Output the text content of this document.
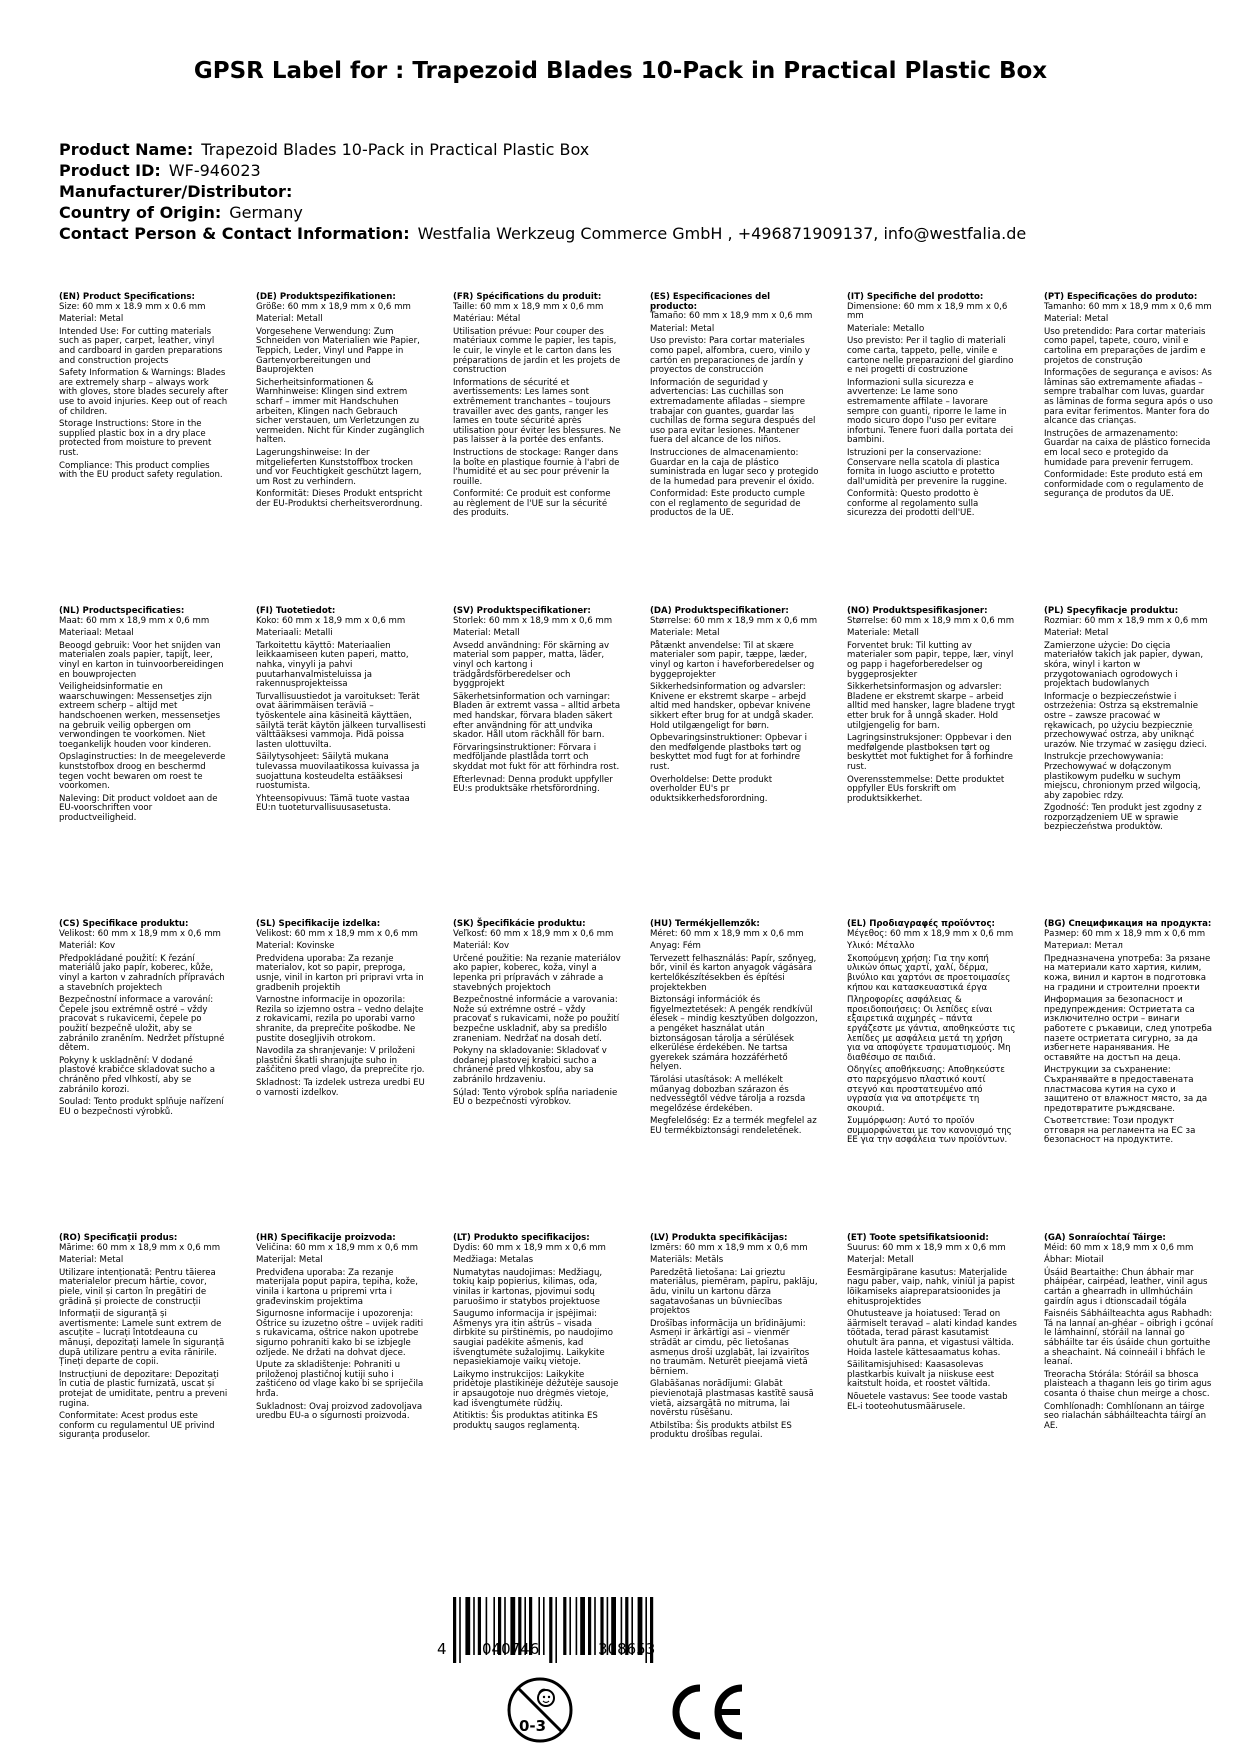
GPSR Label for : Trapezoid Blades 10-Pack in Practical Plastic Box
Product Name: Trapezoid Blades 10-Pack in Practical Plastic Box
Product ID: WF-946023
Manufacturer/Distributor:
Country of Origin: Germany
Contact Person & Contact Information: Westfalia Werkzeug Commerce GmbH , +496871909137, info@westfalia.de
(EN) Product Specifications:

Size: 60 mm x 18.9 mm x 0.6 mm

Material: Metal

Intended Use: For cutting materials such as paper, carpet, leather, vinyl and cardboard in garden preparations and construction projects

Safety Information & Warnings: Blades are extremely sharp – always work with gloves, store blades securely after use to avoid injuries. Keep out of reach of children.

Storage Instructions: Store in the supplied plastic box in a dry place protected from moisture to prevent rust.

Compliance: This product complies with the EU product safety regulation.

(DE) Produktspezifikationen:

Größe: 60 mm x 18,9 mm x 0,6 mm

Material: Metall

Vorgesehene Verwendung: Zum Schneiden von Materialien wie Papier, Teppich, Leder, Vinyl und Pappe in Gartenvorbereitungen und Bauprojekten

Sicherheitsinformationen & Warnhinweise: Klingen sind extrem scharf – immer mit Handschuhen arbeiten, Klingen nach Gebrauch sicher verstauen, um Verletzungen zu vermeiden. Nicht für Kinder zugänglich halten.

Lagerungshinweise: In der mitgelieferten Kunststoffbox trocken und vor Feuchtigkeit geschützt lagern, um Rost zu verhindern.

Konformität: Dieses Produkt entspricht der EU-Produktsi cherheitsverordnung.

(FR) Spécifications du produit:

Taille: 60 mm x 18,9 mm x 0,6 mm

Matériau: Métal

Utilisation prévue: Pour couper des matériaux comme le papier, les tapis, le cuir, le vinyle et le carton dans les préparations de jardin et les projets de construction

Informations de sécurité et avertissements: Les lames sont extrêmement tranchantes – toujours travailler avec des gants, ranger les lames en toute sécurité après utilisation pour éviter les blessures. Ne pas laisser à la portée des enfants.

Instructions de stockage: Ranger dans la boîte en plastique fournie à l'abri de l'humidité et au sec pour prévenir la rouille.

Conformité: Ce produit est conforme au règlement de l'UE sur la sécurité des produits.

(ES) Especificaciones del producto:

Tamaño: 60 mm x 18,9 mm x 0,6 mm

Material: Metal

Uso previsto: Para cortar materiales como papel, alfombra, cuero, vinilo y cartón en preparaciones de jardín y proyectos de construcción

Información de seguridad y advertencias: Las cuchillas son extremadamente afiladas – siempre trabajar con guantes, guardar las cuchillas de forma segura después del uso para evitar lesiones. Mantener fuera del alcance de los niños.

Instrucciones de almacenamiento: Guardar en la caja de plástico suministrada en lugar seco y protegido de la humedad para prevenir el óxido.

Conformidad: Este producto cumple con el reglamento de seguridad de productos de la UE.

(IT) Specifiche del prodotto:

Dimensione: 60 mm x 18,9 mm x 0,6 mm

Materiale: Metallo

Uso previsto: Per il taglio di materiali come carta, tappeto, pelle, vinile e cartone nelle preparazioni del giardino e nei progetti di costruzione

Informazioni sulla sicurezza e avvertenze: Le lame sono estremamente affilate – lavorare sempre con guanti, riporre le lame in modo sicuro dopo l'uso per evitare infortuni. Tenere fuori dalla portata dei bambini.

Istruzioni per la conservazione: Conservare nella scatola di plastica fornita in luogo asciutto e protetto dall'umidità per prevenire la ruggine.

Conformità: Questo prodotto è conforme al regolamento sulla sicurezza dei prodotti dell'UE.

(PT) Especificações do produto:

Tamanho: 60 mm x 18,9 mm x 0,6 mm

Material: Metal

Uso pretendido: Para cortar materiais como papel, tapete, couro, vinil e cartolina em preparações de jardim e projetos de construção

Informações de segurança e avisos: As lâminas são extremamente afiadas – sempre trabalhar com luvas, guardar as lâminas de forma segura após o uso para evitar ferimentos. Manter fora do alcance das crianças.

Instruções de armazenamento: Guardar na caixa de plástico fornecida em local seco e protegido da humidade para prevenir ferrugem.

Conformidade: Este produto está em conformidade com o regulamento de segurança de produtos da UE.

(NL) Productspecificaties:

Maat: 60 mm x 18,9 mm x 0,6 mm

Materiaal: Metaal

Beoogd gebruik: Voor het snijden van materialen zoals papier, tapijt, leer, vinyl en karton in tuinvoorbereidingen en bouwprojecten

Veiligheidsinformatie en waarschuwingen: Messensetjes zijn extreem scherp – altijd met handschoenen werken, messensetjes na gebruik veilig opbergen om verwondingen te voorkomen. Niet toegankelijk houden voor kinderen.

Opslaginstructies: In de meegeleverde kunststofbox droog en beschermd tegen vocht bewaren om roest te voorkomen.

Naleving: Dit product voldoet aan de EU-voorschriften voor productveiligheid.

(FI) Tuotetiedot:

Koko: 60 mm x 18,9 mm x 0,6 mm

Materiaali: Metalli

Tarkoitettu käyttö: Materiaalien leikkaamiseen kuten paperi, matto, nahka, vinyyli ja pahvi puutarhanvalmisteluissa ja rakennusprojekteissa

Turvallisuustiedot ja varoitukset: Terät ovat äärimmäisen teräviä – työskentele aina käsineitä käyttäen, säilytä terät käytön jälkeen turvallisesti välttääksesi vammoja. Pidä poissa lasten ulottuvilta.

Säilytysohjeet: Säilytä mukana tulevassa muovilaatikossa kuivassa ja suojattuna kosteudelta estääksesi ruostumista.

Yhteensopivuus: Tämä tuote vastaa EU:n tuoteturvallisuusasetusta.

(SV) Produktspecifikationer:

Storlek: 60 mm x 18,9 mm x 0,6 mm

Material: Metall

Avsedd användning: För skärning av material som papper, matta, läder, vinyl och kartong i trädgårdsförberedelser och byggprojekt

Säkerhetsinformation och varningar: Bladen är extremt vassa – alltid arbeta med handskar, förvara bladen säkert efter användning för att undvika skador. Håll utom räckhåll för barn.

Förvaringsinstruktioner: Förvara i medföljande plastlåda torrt och skyddat mot fukt för att förhindra rost.

Efterlevnad: Denna produkt uppfyller EU:s produktsäke rhetsförordning.

(DA) Produktspecifikationer:

Størrelse: 60 mm x 18,9 mm x 0,6 mm

Materiale: Metal

Påtænkt anvendelse: Til at skære materialer som papir, tæppe, læder, vinyl og karton i haveforberedelser og byggeprojekter

Sikkerhedsinformation og advarsler: Knivene er ekstremt skarpe – arbejd altid med handsker, opbevar knivene sikkert efter brug for at undgå skader. Hold utilgængeligt for børn.

Opbevaringsinstruktioner: Opbevar i den medfølgende plastboks tørt og beskyttet mod fugt for at forhindre rust.

Overholdelse: Dette produkt overholder EU's pr oduktsikkerhedsforordning.

(NO) Produktspesifikasjoner:

Størrelse: 60 mm x 18,9 mm x 0,6 mm

Materiale: Metall

Forventet bruk: Til kutting av materialer som papir, teppe, lær, vinyl og papp i hageforberedelser og byggeprosjekter

Sikkerhetsinformasjon og advarsler: Bladene er ekstremt skarpe – arbeid alltid med hansker, lagre bladene trygt etter bruk for å unngå skader. Hold utilgjengelig for barn.

Lagringsinstruksjoner: Oppbevar i den medfølgende plastboksen tørt og beskyttet mot fuktighet for å forhindre rust.

Overensstemmelse: Dette produktet oppfyller EUs forskrift om produktsikkerhet.

(PL) Specyfikacje produktu:

Rozmiar: 60 mm x 18,9 mm x 0,6 mm

Materiał: Metal

Zamierzone użycie: Do cięcia materiałów takich jak papier, dywan, skóra, winyl i karton w przygotowaniach ogrodowych i projektach budowlanych

Informacje o bezpieczeństwie i ostrzeżenia: Ostrza są ekstremalnie ostre – zawsze pracować w rękawicach, po użyciu bezpiecznie przechowywać ostrza, aby uniknąć urazów. Nie trzymać w zasięgu dzieci.

Instrukcje przechowywania: Przechowywać w dołączonym plastikowym pudełku w suchym miejscu, chronionym przed wilgocią, aby zapobiec rdzy.

Zgodność: Ten produkt jest zgodny z rozporządzeniem UE w sprawie bezpieczeństwa produktów.

(CS) Specifikace produktu:

Velikost: 60 mm x 18,9 mm x 0,6 mm

Materiál: Kov

Předpokládané použití: K řezání materiálů jako papír, koberec, kůže, vinyl a karton v zahradních přípravách a stavebních projektech

Bezpečnostní informace a varování: Čepele jsou extrémně ostré – vždy pracovat s rukavicemi, čepele po použití bezpečně uložit, aby se zabránilo zraněním. Nedržet přístupné dětem.

Pokyny k uskladnění: V dodané plastové krabičce skladovat sucho a chráněno před vlhkostí, aby se zabránilo korozi.

Soulad: Tento produkt splňuje nařízení EU o bezpečnosti výrobků.

(SL) Specifikacije izdelka:

Velikost: 60 mm x 18,9 mm x 0,6 mm

Material: Kovinske

Predvidena uporaba: Za rezanje materialov, kot so papir, preproga, usnje, vinil in karton pri pripravi vrta in gradbenih projektih

Varnostne informacije in opozorila: Rezila so izjemno ostra – vedno delajte z rokavicami, rezila po uporabi varno shranite, da preprečite poškodbe. Ne pustite dosegljivih otrokom.

Navodila za shranjevanje: V priloženi plastični škatli shranjujte suho in zaščiteno pred vlago, da preprečite rjo.

Skladnost: Ta izdelek ustreza uredbi EU o varnosti izdelkov.

(SK) Špecifikácie produktu:

Veľkosť: 60 mm x 18,9 mm x 0,6 mm

Materiál: Kov

Určené použitie: Na rezanie materiálov ako papier, koberec, koža, vinyl a lepenka pri prípravách v záhrade a stavebných projektoch

Bezpečnostné informácie a varovania: Nože sú extrémne ostré – vždy pracovať s rukavicami, nože po použití bezpečne uskladniť, aby sa predišlo zraneniam. Nedržať na dosah detí.

Pokyny na skladovanie: Skladovať v dodanej plastovej krabici sucho a chránené pred vlhkosťou, aby sa zabránilo hrdzaveniu.

Súlad: Tento výrobok spĺňa nariadenie EÚ o bezpečnosti výrobkov.

(HU) Termékjellemzők:

Méret: 60 mm x 18,9 mm x 0,6 mm

Anyag: Fém

Tervezett felhasználás: Papír, szőnyeg, bőr, vinil és karton anyagok vágására kertelőkészítésekben és építési projektekben

Biztonsági információk és figyelmeztetések: A pengék rendkívül élesek – mindig kesztyűben dolgozzon, a pengéket használat után biztonságosan tárolja a sérülések elkerülése érdekében. Ne tartsa gyerekek számára hozzáférhető helyen.

Tárolási utasítások: A mellékelt műanyag dobozban szárazon és nedvességtől védve tárolja a rozsda megelőzése érdekében.

Megfelelőség: Ez a termék megfelel az EU termékbiztonsági rendeletének.

(EL) Προδιαγραφές προϊόντος:

Μέγεθος: 60 mm x 18,9 mm x 0,6 mm

Υλικό: Μέταλλο

Σκοπούμενη χρήση: Για την κοπή υλικών όπως χαρτί, χαλί, δέρμα, βινύλιο και χαρτόνι σε προετοιμασίες κήπου και κατασκευαστικά έργα

Πληροφορίες ασφάλειας & προειδοποιήσεις: Οι λεπίδες είναι εξαιρετικά αιχμηρές – πάντα εργάζεστε με γάντια, αποθηκεύστε τις λεπίδες με ασφάλεια μετά τη χρήση για να αποφύγετε τραυματισμούς. Μη διαθέσιμο σε παιδιά.

Οδηγίες αποθήκευσης: Αποθηκεύστε στο παρεχόμενο πλαστικό κουτί στεγνό και προστατευμένο από υγρασία για να αποτρέψετε τη σκουριά.

Συμμόρφωση: Αυτό το προϊόν συμμορφώνεται με τον κανονισμό της ΕΕ για την ασφάλεια των προϊόντων.

(BG) Спецификация на продукта:

Размер: 60 mm x 18,9 mm x 0,6 mm

Материал: Метал

Предназначена употреба: За рязане на материали като хартия, килим, кожа, винил и картон в подготовка на градини и строителни проекти

Информация за безопасност и предупреждения: Остриетата са изключително остри – винаги работете с ръкавици, след употреба пазете остриетата сигурно, за да избегнете наранявания. Не оставяйте на достъп на деца.

Инструкции за съхранение: Съхранявайте в предоставената пластмасова кутия на сухо и защитено от влажност място, за да предотвратите ръждясване.

Съответствие: Този продукт отговаря на регламента на ЕС за безопасност на продуктите.

(RO) Specificații produs:

Mărime: 60 mm x 18,9 mm x 0,6 mm

Material: Metal

Utilizare intenționată: Pentru tăierea materialelor precum hârtie, covor, piele, vinil și carton în pregătiri de grădină și proiecte de construcții

Informații de siguranță și avertismente: Lamele sunt extrem de ascuțite – lucrați întotdeauna cu mănuși, depozitați lamele în siguranță după utilizare pentru a evita rănirile. Țineți departe de copii.

Instrucțiuni de depozitare: Depozitați în cutia de plastic furnizată, uscat și protejat de umiditate, pentru a preveni rugina.

Conformitate: Acest produs este conform cu regulamentul UE privind siguranța produselor.

(HR) Specifikacije proizvoda:

Veličina: 60 mm x 18,9 mm x 0,6 mm

Materijal: Metal

Predviđena uporaba: Za rezanje materijala poput papira, tepiha, kože, vinila i kartona u pripremi vrta i građevinskim projektima

Sigurnosne informacije i upozorenja: Oštrice su izuzetno oštre – uvijek raditi s rukavicama, oštrice nakon upotrebe sigurno pohraniti kako bi se izbjegle ozljede. Ne držati na dohvat djece.

Upute za skladištenje: Pohraniti u priloženoj plastičnoj kutiji suho i zaštićeno od vlage kako bi se spriječila hrđa.

Sukladnost: Ovaj proizvod zadovoljava uredbu EU-a o sigurnosti proizvoda.

(LT) Produkto specifikacijos:

Dydis: 60 mm x 18,9 mm x 0,6 mm

Medžiaga: Metalas

Numatytas naudojimas: Medžiagų, tokių kaip popierius, kilimas, oda, vinilas ir kartonas, pjovimui sodų paruošimo ir statybos projektuose

Saugumo informacija ir įspėjimai: Ašmenys yra itin aštrūs – visada dirbkite su pirštinėmis, po naudojimo saugiai padėkite ašmenis, kad išvengtumėte sužalojimų. Laikykite nepasiekiamoje vaikų vietoje.

Laikymo instrukcijos: Laikykite pridėtoje plastikinėje dėžutėje sausoje ir apsaugotoje nuo drėgmės vietoje, kad išvengtumėte rūdžių.

Atitiktis: Šis produktas atitinka ES produktų saugos reglamentą.

(LV) Produkta specifikācijas:

Izmērs: 60 mm x 18,9 mm x 0,6 mm

Materiāls: Metāls

Paredzētā lietošana: Lai grieztu materiālus, piemēram, papīru, paklāju, ādu, vinilu un kartonu dārza sagatavošanas un būvniecības projektos

Drošības informācija un brīdinājumi: Asmeņi ir ārkārtīgi asi – vienmēr strādāt ar cimdu, pēc lietošanas asmeņus droši uzglabāt, lai izvairītos no traumām. Neturēt pieejamā vietā bērniem.

Glabāšanas norādījumi: Glabāt pievienotajā plastmasas kastītē sausā vietā, aizsargātā no mitruma, lai novērstu rūsēšanu.

Atbilstība: Šis produkts atbilst ES produktu drošības regulai.

(ET) Toote spetsifikatsioonid:

Suurus: 60 mm x 18,9 mm x 0,6 mm

Materjal: Metall

Eesmärgipärane kasutus: Materjalide nagu paber, vaip, nahk, viniül ja papist lõikamiseks aiapreparatsioonides ja ehitusprojektides

Ohutusteave ja hoiatused: Terad on äärmiselt teravad – alati kindad kandes töötada, terad pärast kasutamist ohutult ära panna, et vigastusi vältida. Hoida lastele kättesaamatus kohas.

Säilitamisjuhised: Kaasasolevas plastkarbis kuivalt ja niiskuse eest kaitstult hoida, et roostet vältida.

Nõuetele vastavus: See toode vastab EL-i tooteohutusmäärusele.

(GA) Sonraíochtaí Táirge:

Méid: 60 mm x 18,9 mm x 0,6 mm

Ábhar: Miotail

Úsáid Beartaithe: Chun ábhair mar pháipéar, cairpéad, leather, vinil agus cartán a ghearradh in ullmhúcháin gairdín agus i dtionscadail tógála

Faisnéis Sábháilteachta agus Rabhadh: Tá na lannaí an-ghéar – oibrigh i gcónaí le lámhainní, stóráil na lannaí go sábháilte tar éis úsáide chun gortuithe a sheachaint. Ná coinneáil i bhfách le leanaí.

Treoracha Stórála: Stóráil sa bhosca plaisteach a thagann leis go tirim agus cosanta ó thaise chun meirge a chosc.

Comhlíonadh: Comhlíonann an táirge seo rialachán sábháilteachta táirgí an AE.

4 040746	308653
0-3
